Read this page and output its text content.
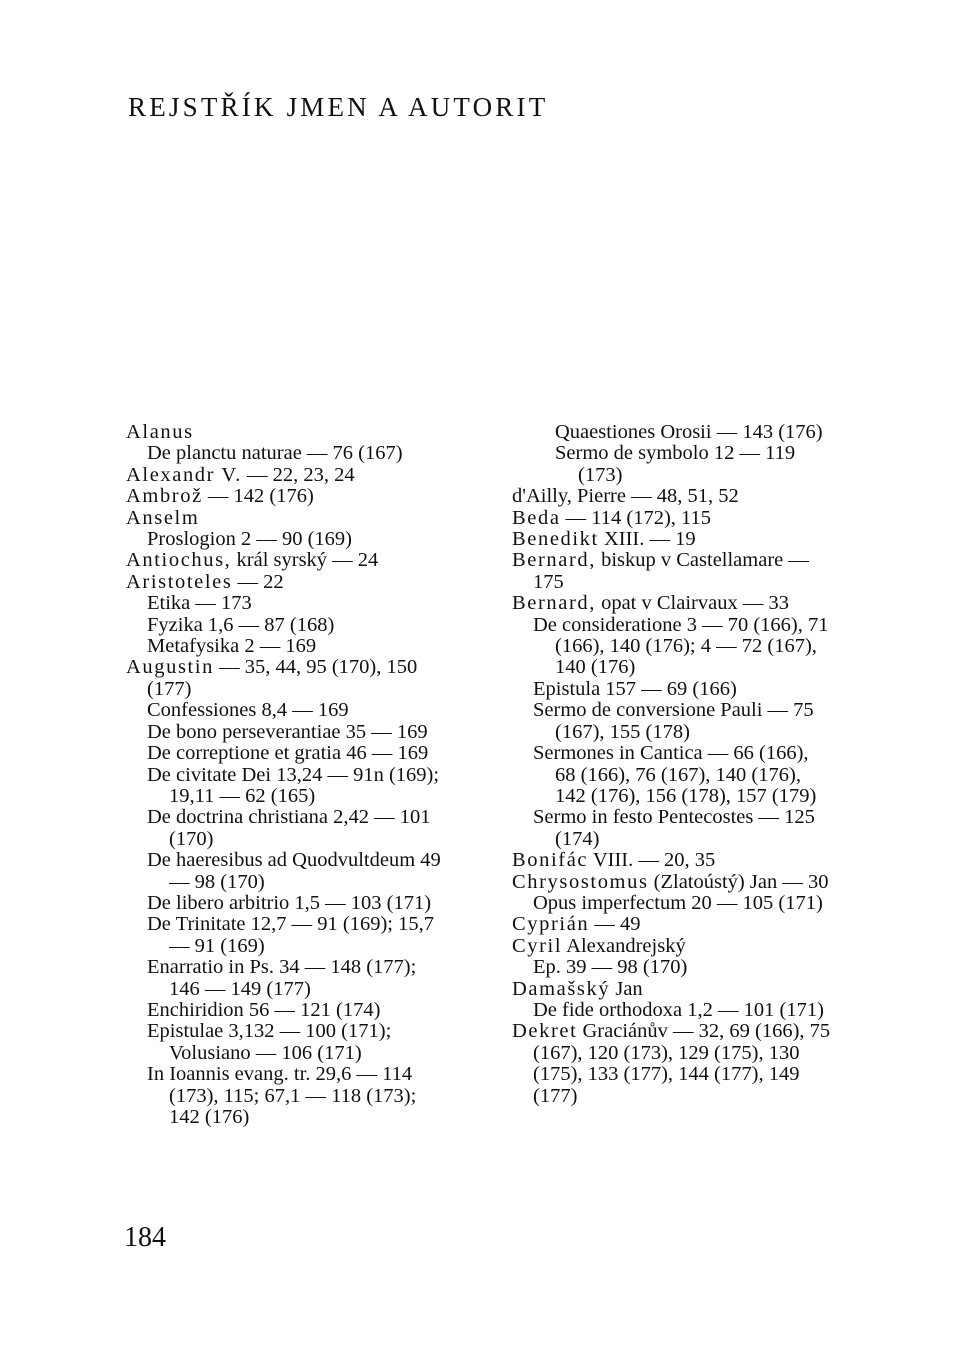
REJSTŘÍK JMEN A AUTORIT

Alanus

De planctu naturae — 76 (167)

Alexandr V. — 22, 23, 24

Ambrož — 142 (176)

Anselm

Proslogion 2 — 90 (169)

Antiochus, král syrský — 24

Aristoteles — 22

Etika — 173

Fyzika 1,6 — 87 (168)

Metafysika 2 — 169

Augustin — 35, 44, 95 (170), 150 (177)

Confessiones 8,4 — 169

De bono perseverantiae 35 — 169

De correptione et gratia 46 — 169

De civitate Dei 13,24 — 91n (169); 19,11 — 62 (165)

De doctrina christiana 2,42 — 101 (170)

De haeresibus ad Quodvultdeum 49 — 98 (170)

De libero arbitrio 1,5 — 103 (171)

De Trinitate 12,7 — 91 (169); 15,7 — 91 (169)

Enarratio in Ps. 34 — 148 (177); 146 — 149 (177)

Enchiridion 56 — 121 (174)

Epistulae 3,132 — 100 (171); Volusiano — 106 (171)

In Ioannis evang. tr. 29,6 — 114 (173), 115; 67,1 — 118 (173); 142 (176)

Quaestiones Orosii — 143 (176)

Sermo de symbolo 12 — 119 (173)

d'Ailly, Pierre — 48, 51, 52

Beda — 114 (172), 115

Benedikt XIII. — 19

Bernard, biskup v Castellamare — 175

Bernard, opat v Clairvaux — 33

De consideratione 3 — 70 (166), 71 (166), 140 (176); 4 — 72 (167), 140 (176)

Epistula 157 — 69 (166)

Sermo de conversione Pauli — 75 (167), 155 (178)

Sermones in Cantica — 66 (166), 68 (166), 76 (167), 140 (176), 142 (176), 156 (178), 157 (179)

Sermo in festo Pentecostes — 125 (174)

Bonifác VIII. — 20, 35

Chrysostomus (Zlatoústý) Jan — 30

Opus imperfectum 20 — 105 (171)

Cyprián — 49

Cyril Alexandrejský

Ep. 39 — 98 (170)

Damašský Jan

De fide orthodoxa 1,2 — 101 (171)

Dekret Graciánův — 32, 69 (166), 75 (167), 120 (173), 129 (175), 130 (175), 133 (177), 144 (177), 149 (177)

184
